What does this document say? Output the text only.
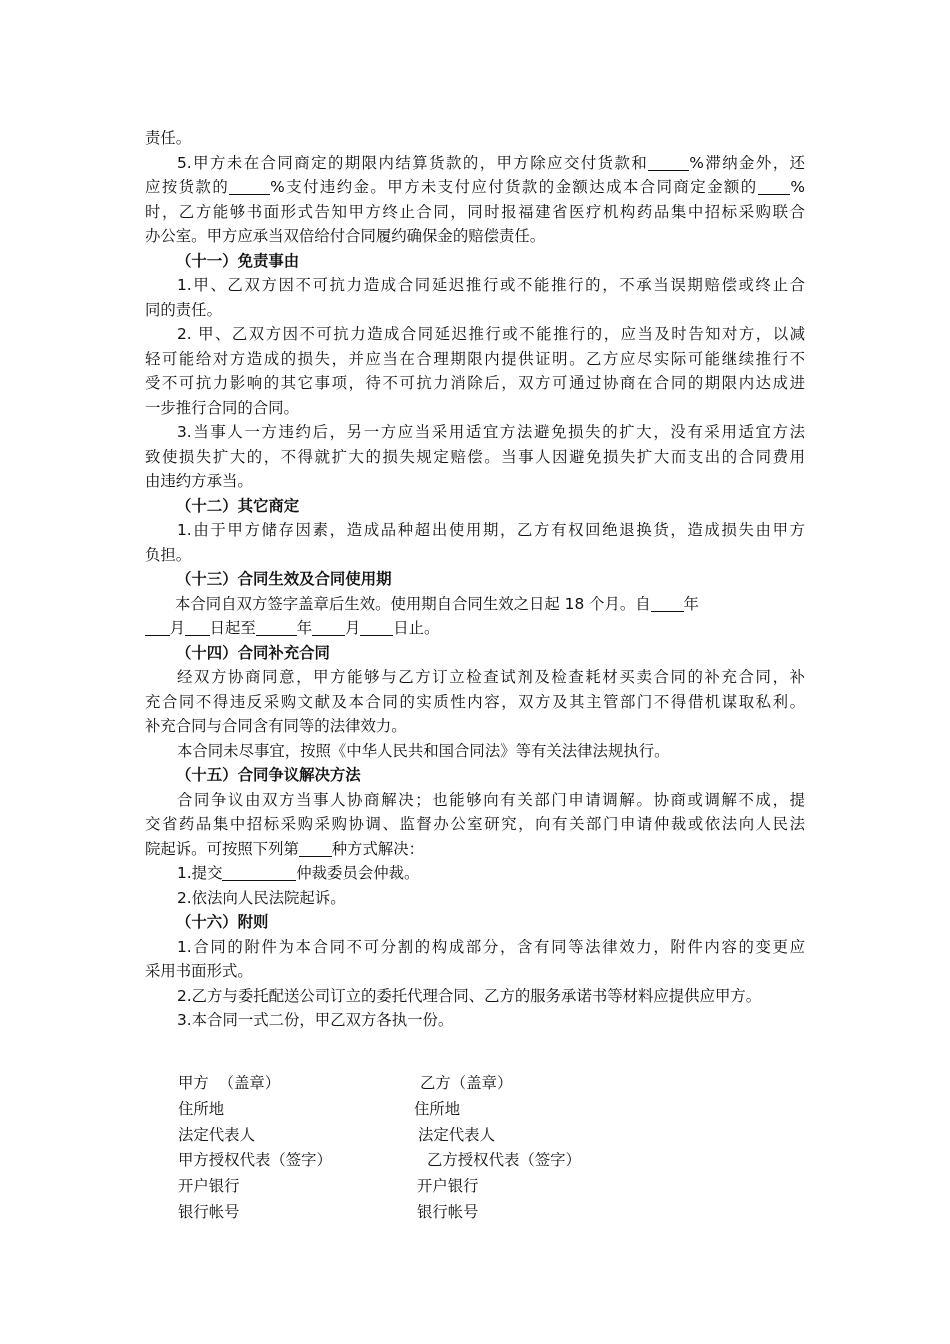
责任。
5.甲方未在合同商定的期限内结算货款的，甲方除应交付货款和	%滞纳金外，还
应按货款的	%支付违约金。甲方未支付应付货款的金额达成本合同商定金额的 %
时，乙方能够书面形式告知甲方终止合同，同时报福建省医疗机构药品集中招标采购联合
办公室。甲方应承当双倍给付合同履约确保金的赔偿责任。
（十一）免责事由
1.甲、乙双方因不可抗力造成合同延迟推行或不能推行的，不承当误期赔偿或终止合
同的责任。
2. 甲、乙双方因不可抗力造成合同延迟推行或不能推行的，应当及时告知对方，以减
轻可能给对方造成的损失，并应当在合理期限内提供证明。乙方应尽实际可能继续推行不
受不可抗力影响的其它事项，待不可抗力消除后，双方可通过协商在合同的期限内达成进
一步推行合同的合同。
3.当事人一方违约后，另一方应当采用适宜方法避免损失的扩大，没有采用适宜方法
致使损失扩大的，不得就扩大的损失规定赔偿。当事人因避免损失扩大而支出的合同费用
由违约方承当。
（十二）其它商定
1.由于甲方储存因素，造成品种超出使用期，乙方有权回绝退换货，造成损失由甲方
负担。
（十三）合同生效及合同使用期
本合同自双方签字盖章后生效。使用期自合同生效之日起 18 个月。自 年
月 日起至	年 月 日止。
（十四）合同补充合同
经双方协商同意，甲方能够与乙方订立检查试剂及检查耗材买卖合同的补充合同，补
充合同不得违反采购文献及本合同的实质性内容，双方及其主管部门不得借机谋取私利。
补充合同与合同含有同等的法律效力。
本合同未尽事宜，按照《中华人民共和国合同法》等有关法律法规执行。
（十五）合同争议解决方法
合同争议由双方当事人协商解决；也能够向有关部门申请调解。协商或调解不成，提
交省药品集中招标采购采购协调、监督办公室研究，向有关部门申请仲裁或依法向人民法
院起诉。可按照下列第 种方式解决：
1.提交	仲裁委员会仲裁。
2.依法向人民法院起诉。
（十六）附则
1.合同的附件为本合同不可分割的构成部分，含有同等法律效力，附件内容的变更应
采用书面形式。
2.乙方与委托配送公司订立的委托代理合同、乙方的服务承诺书等材料应提供应甲方。
3.本合同一式二份，甲乙双方各执一份。
甲方  （盖章）	乙方（盖章）
住所地	住所地
法定代表人	法定代表人
甲方授权代表（签字）	乙方授权代表（签字）
开户银行	开户银行
银行帐号	银行帐号
